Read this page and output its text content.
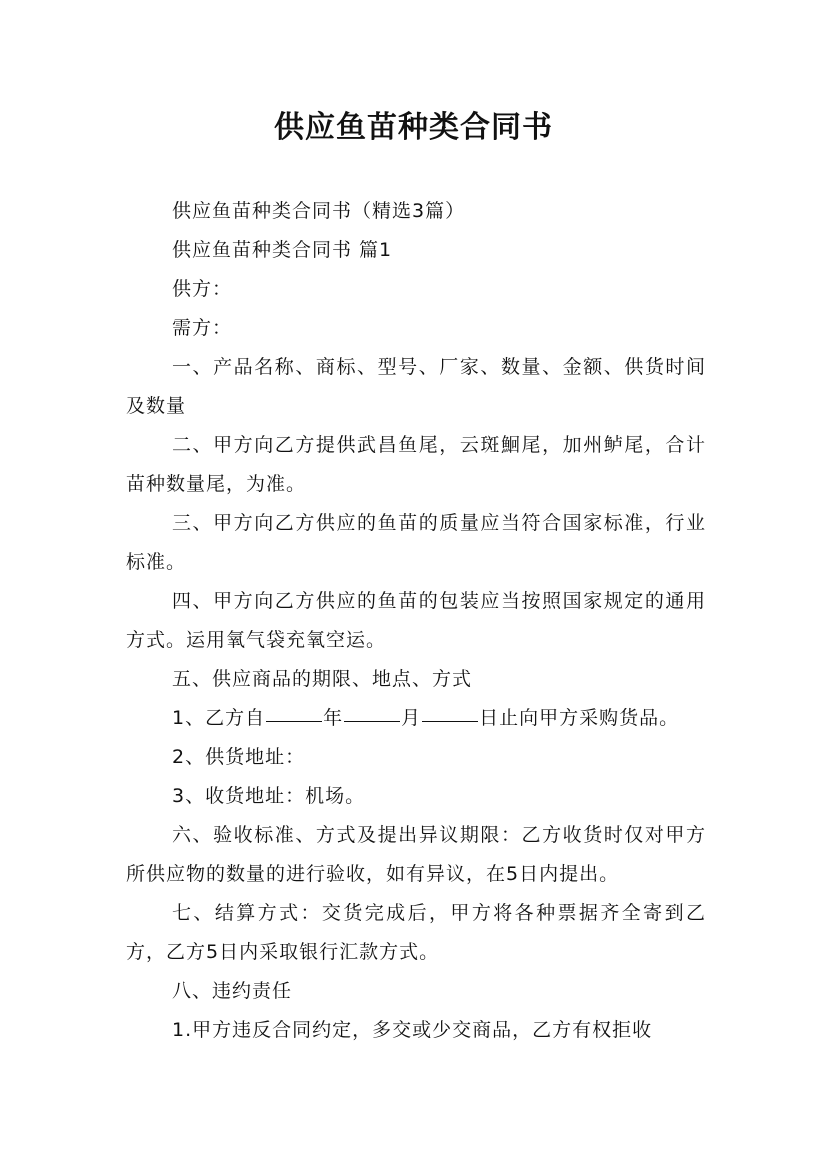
供应鱼苗种类合同书

供应鱼苗种类合同书（精选3篇）

供应鱼苗种类合同书 篇1

供方：

需方：

一、产品名称、商标、型号、厂家、数量、金额、供货时间及数量

二、甲方向乙方提供武昌鱼尾，云斑鮰尾，加州鲈尾，合计苗种数量尾，为准。

三、甲方向乙方供应的鱼苗的质量应当符合国家标准，行业标准。

四、甲方向乙方供应的鱼苗的包装应当按照国家规定的通用方式。运用氧气袋充氧空运。

五、供应商品的期限、地点、方式

1、乙方自	年	月	日止向甲方采购货品。

2、供货地址：

3、收货地址：机场。

六、验收标准、方式及提出异议期限：乙方收货时仅对甲方所供应物的数量的进行验收，如有异议，在5日内提出。

七、结算方式：交货完成后，甲方将各种票据齐全寄到乙方，乙方5日内采取银行汇款方式。

八、违约责任

1.甲方违反合同约定，多交或少交商品，乙方有权拒收
